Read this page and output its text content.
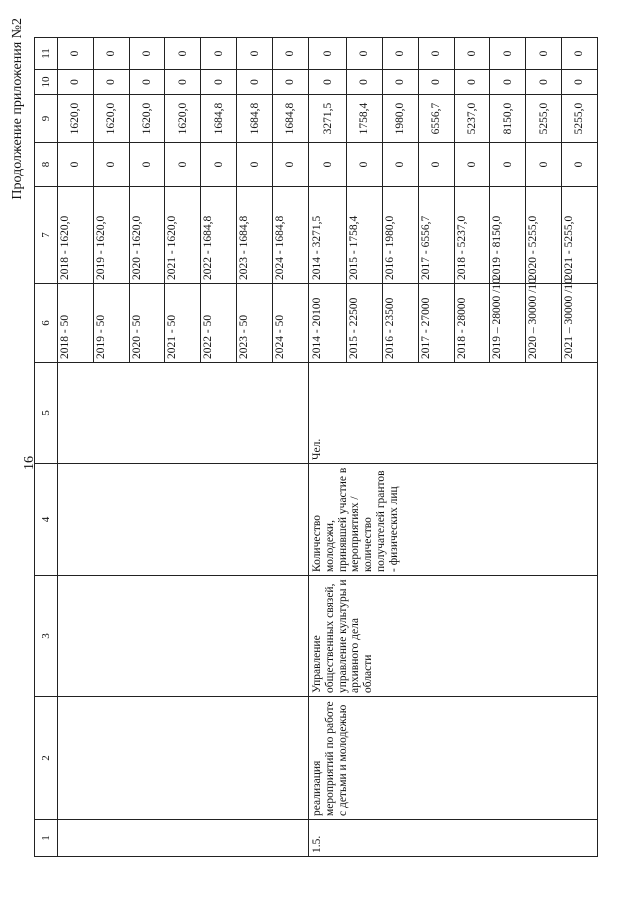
16
Продолжение приложения №2
1	2	3	4	5	6	7	8	9	10	11
					2018 - 50	2018 - 1620,0	0	1620,0	0	0
					2019 - 50	2019 - 1620,0	0	1620,0	0	0
					2020 - 50	2020 - 1620,0	0	1620,0	0	0
					2021 - 50	2021 - 1620,0	0	1620,0	0	0
					2022 - 50	2022 - 1684,8	0	1684,8	0	0
					2023 - 50	2023 - 1684,8	0	1684,8	0	0
					2024 - 50	2024 - 1684,8	0	1684,8	0	0
1.5.	реализация мероприятий по работе с детьми и молодежью	Управление общественных связей, управление культуры и архивного дела области	Количество молодежи, принявшей участие в мероприятиях / количество получателей грантов - физических лиц	Чел.	2014 - 20100	2014 - 3271,5	0	3271,5	0	0
					2015 - 22500	2015 - 1758,4	0	1758,4	0	0
					2016 - 23500	2016 - 1980,0	0	1980,0	0	0
					2017 - 27000	2017 - 6556,7	0	6556,7	0	0
					2018 - 28000	2018 - 5237,0	0	5237,0	0	0
					2019 – 28000 /10	2019 - 8150,0	0	8150,0	0	0
					2020 – 30000 /10	2020 - 5255,0	0	5255,0	0	0
					2021 – 30000 /10	2021 - 5255,0	0	5255,0	0	0
